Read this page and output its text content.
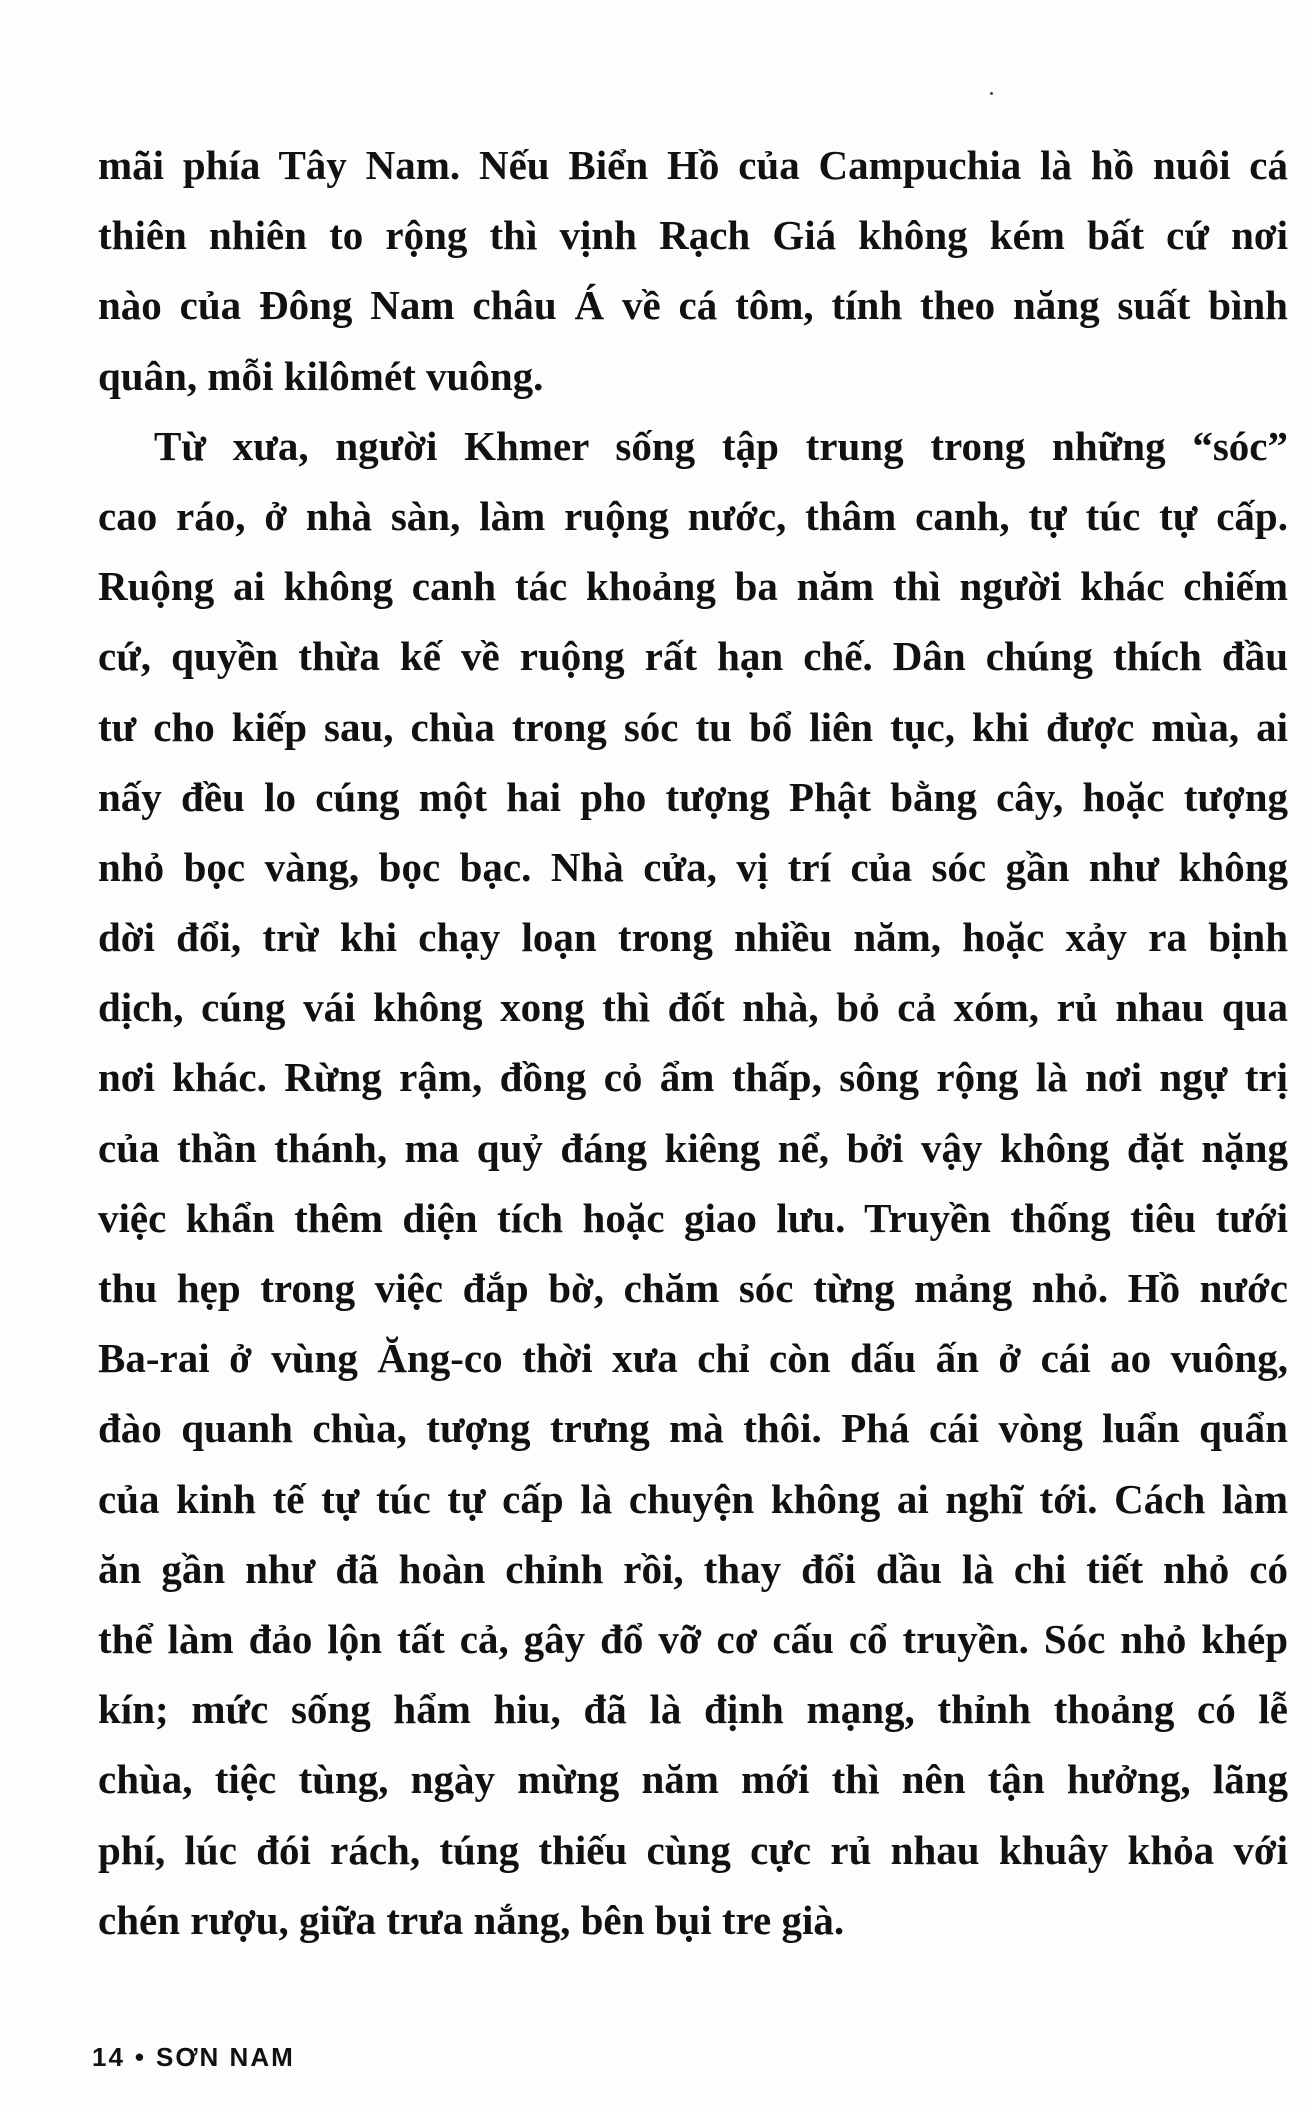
mãi phía Tây Nam. Nếu Biển Hồ của Campuchia là hồ nuôi cá
thiên nhiên to rộng thì vịnh Rạch Giá không kém bất cứ nơi
nào của Đông Nam châu Á về cá tôm, tính theo năng suất bình
quân, mỗi kilômét vuông.
Từ xưa, người Khmer sống tập trung trong những “sóc”
cao ráo, ở nhà sàn, làm ruộng nước, thâm canh, tự túc tự cấp.
Ruộng ai không canh tác khoảng ba năm thì người khác chiếm
cứ, quyền thừa kế về ruộng rất hạn chế. Dân chúng thích đầu
tư cho kiếp sau, chùa trong sóc tu bổ liên tục, khi được mùa, ai
nấy đều lo cúng một hai pho tượng Phật bằng cây, hoặc tượng
nhỏ bọc vàng, bọc bạc. Nhà cửa, vị trí của sóc gần như không
dời đổi, trừ khi chạy loạn trong nhiều năm, hoặc xảy ra bịnh
dịch, cúng vái không xong thì đốt nhà, bỏ cả xóm, rủ nhau qua
nơi khác. Rừng rậm, đồng cỏ ẩm thấp, sông rộng là nơi ngự trị
của thần thánh, ma quỷ đáng kiêng nể, bởi vậy không đặt nặng
việc khẩn thêm diện tích hoặc giao lưu. Truyền thống tiêu tưới
thu hẹp trong việc đắp bờ, chăm sóc từng mảng nhỏ. Hồ nước
Ba-rai ở vùng Ăng-co thời xưa chỉ còn dấu ấn ở cái ao vuông,
đào quanh chùa, tượng trưng mà thôi. Phá cái vòng luẩn quẩn
của kinh tế tự túc tự cấp là chuyện không ai nghĩ tới. Cách làm
ăn gần như đã hoàn chỉnh rồi, thay đổi dầu là chi tiết nhỏ có
thể làm đảo lộn tất cả, gây đổ vỡ cơ cấu cổ truyền. Sóc nhỏ khép
kín; mức sống hẩm hiu, đã là định mạng, thỉnh thoảng có lễ
chùa, tiệc tùng, ngày mừng năm mới thì nên tận hưởng, lãng
phí, lúc đói rách, túng thiếu cùng cực rủ nhau khuây khỏa với
chén rượu, giữa trưa nắng, bên bụi tre già.
14 • SƠN NAM
